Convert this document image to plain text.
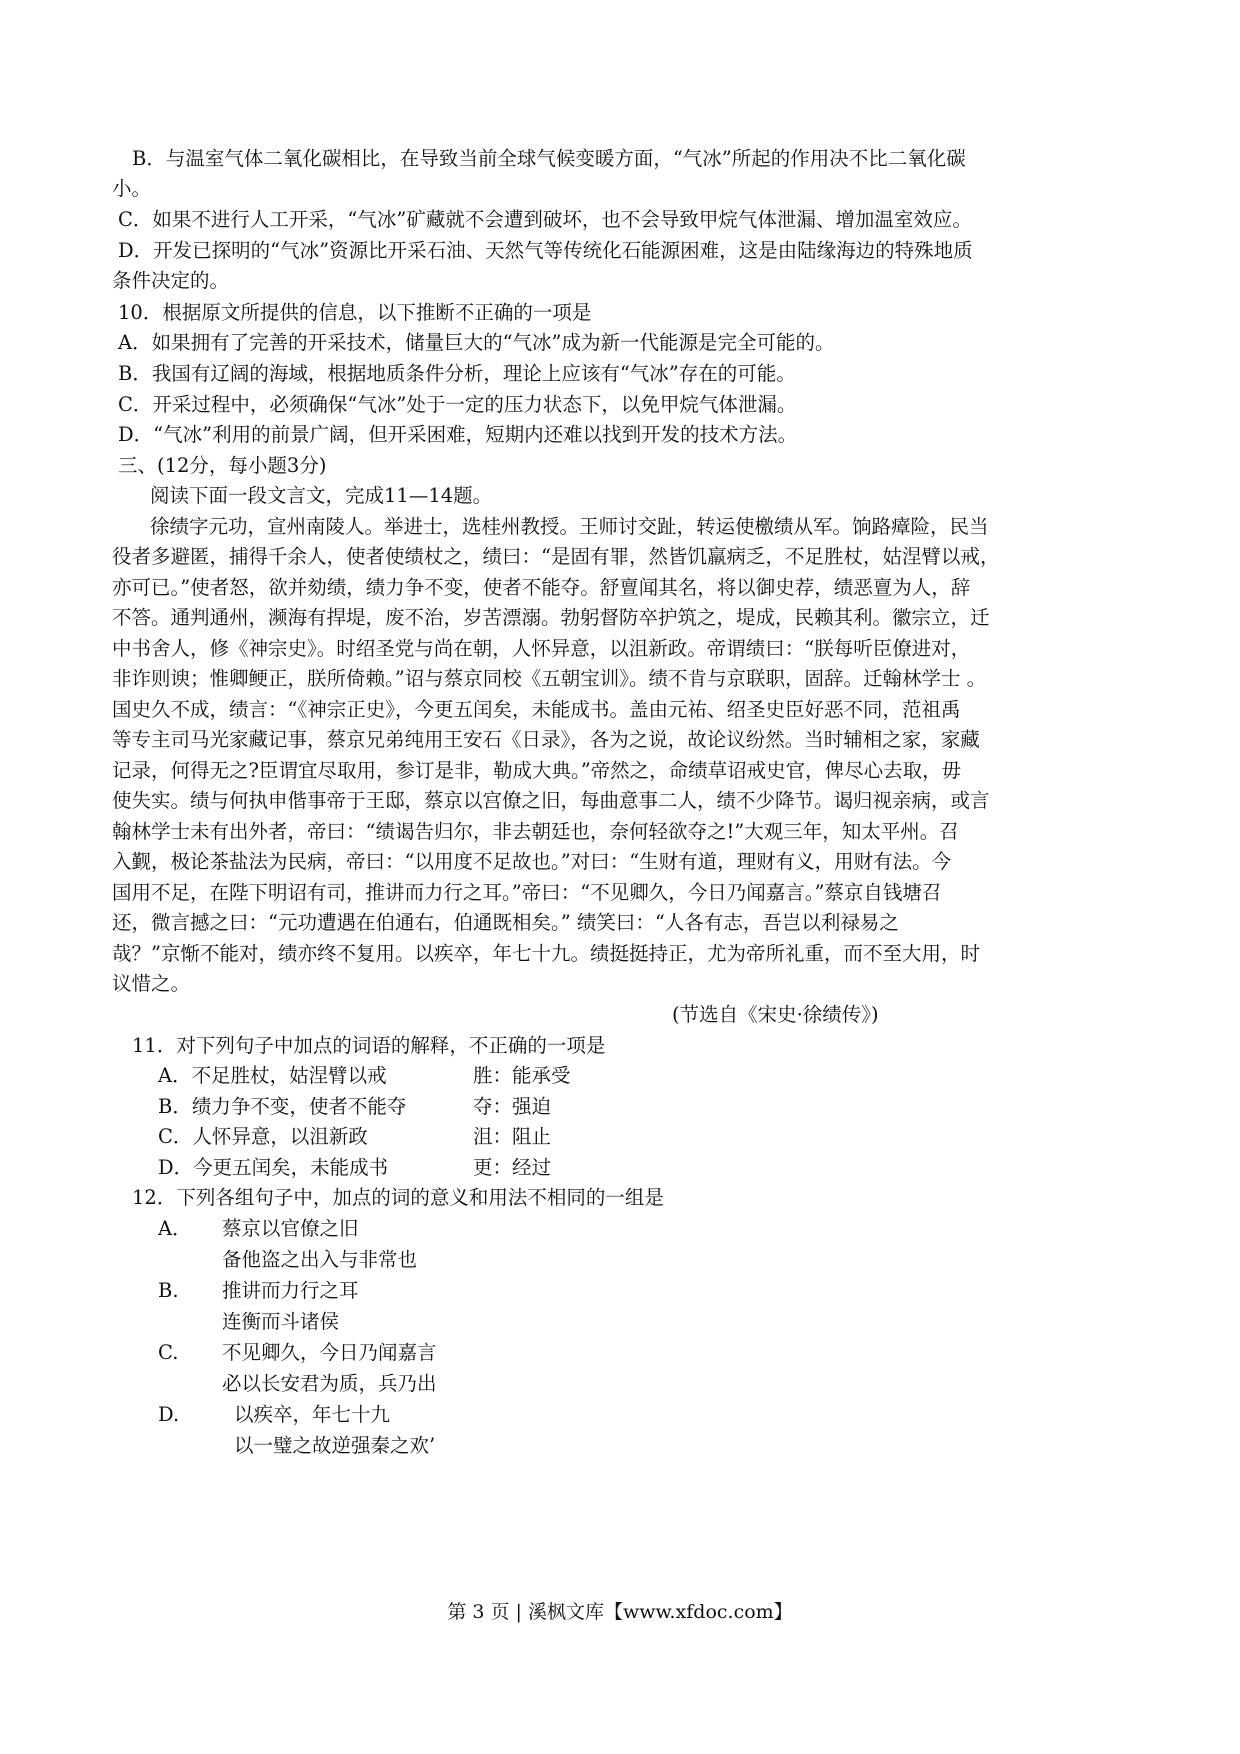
B．与温室气体二氧化碳相比，在导致当前全球气候变暖方面，“气冰”所起的作用决不比二氧化碳
小。
C．如果不进行人工开采，“气冰”矿藏就不会遭到破坏，也不会导致甲烷气体泄漏、增加温室效应。
D．开发已探明的“气冰”资源比开采石油、天然气等传统化石能源困难，这是由陆缘海边的特殊地质
条件决定的。
10．根据原文所提供的信息，以下推断不正确的一项是
A．如果拥有了完善的开采技术，储量巨大的“气冰”成为新一代能源是完全可能的。
B．我国有辽阔的海域，根据地质条件分析，理论上应该有“气冰”存在的可能。
C．开采过程中，必须确保“气冰”处于一定的压力状态下，以免甲烷气体泄漏。
D．“气冰”利用的前景广阔，但开采困难，短期内还难以找到开发的技术方法。
三、(12分，每小题3分)
阅读下面一段文言文，完成11—14题。
徐绩字元功，宣州南陵人。举进士，选桂州教授。王师讨交趾，转运使檄绩从军。饷路瘴险，民当
役者多避匿，捕得千余人，使者使绩杖之，绩曰：“是固有罪，然皆饥羸病乏，不足胜杖，姑涅臂以戒，
亦可已。”使者怒，欲并劾绩，绩力争不变，使者不能夺。舒亶闻其名，将以御史荐，绩恶亶为人，辞
不答。通判通州，濒海有捍堤，废不治，岁苦漂溺。勃躬督防卒护筑之，堤成，民赖其利。徽宗立，迁
中书舍人，修《神宗史》。时绍圣党与尚在朝，人怀异意，以沮新政。帝谓绩曰：“朕每听臣僚进对，
非诈则谀；惟卿鲠正，朕所倚赖。”诏与蔡京同校《五朝宝训》。绩不肯与京联职，固辞。迁翰林学士 。
国史久不成，绩言：“《神宗正史》，今更五闰矣，未能成书。盖由元祐、绍圣史臣好恶不同，范祖禹
等专主司马光家藏记事，蔡京兄弟纯用王安石《日录》，各为之说，故论议纷然。当时辅相之家，家藏
记录，何得无之?臣谓宜尽取用，参订是非，勒成大典。”帝然之，命绩草诏戒史官，俾尽心去取，毋
使失实。绩与何执申偕事帝于王邸，蔡京以宫僚之旧，每曲意事二人，绩不少降节。谒归视亲病，或言
翰林学士未有出外者，帝曰：“绩谒告归尔，非去朝廷也，奈何轻欲夺之!”大观三年，知太平州。召
入觐，极论茶盐法为民病，帝曰：“以用度不足故也。”对曰：“生财有道，理财有义，用财有法。今
国用不足，在陛下明诏有司，推讲而力行之耳。”帝曰：“不见卿久，今日乃闻嘉言。”蔡京自钱塘召
还，微言撼之曰：“元功遭遇在伯通右，伯通既相矣。” 绩笑曰：“人各有志，吾岂以利禄易之
哉？”京惭不能对，绩亦终不复用。以疾卒，年七十九。绩挺挺持正，尤为帝所礼重，而不至大用，时
议惜之。
(节选自《宋史·徐绩传》)
11．对下列句子中加点的词语的解释，不正确的一项是
A．不足胜杖，姑涅臂以戒	胜：能承受
B．绩力争不变，使者不能夺	夺：强迫
C．人怀异意，以沮新政	沮：阻止
D．今更五闰矣，未能成书	更：经过
12．下列各组句子中，加点的词的意义和用法不相同的一组是
A．	蔡京以官僚之旧
备他盗之出入与非常也
B.	推讲而力行之耳
连衡而斗诸侯
C.	不见卿久，今日乃闻嘉言
必以长安君为质，兵乃出
D.	以疾卒，年七十九
以一璧之故逆强秦之欢’
第 3 页 | 溪枫文库【www.xfdoc.com】
